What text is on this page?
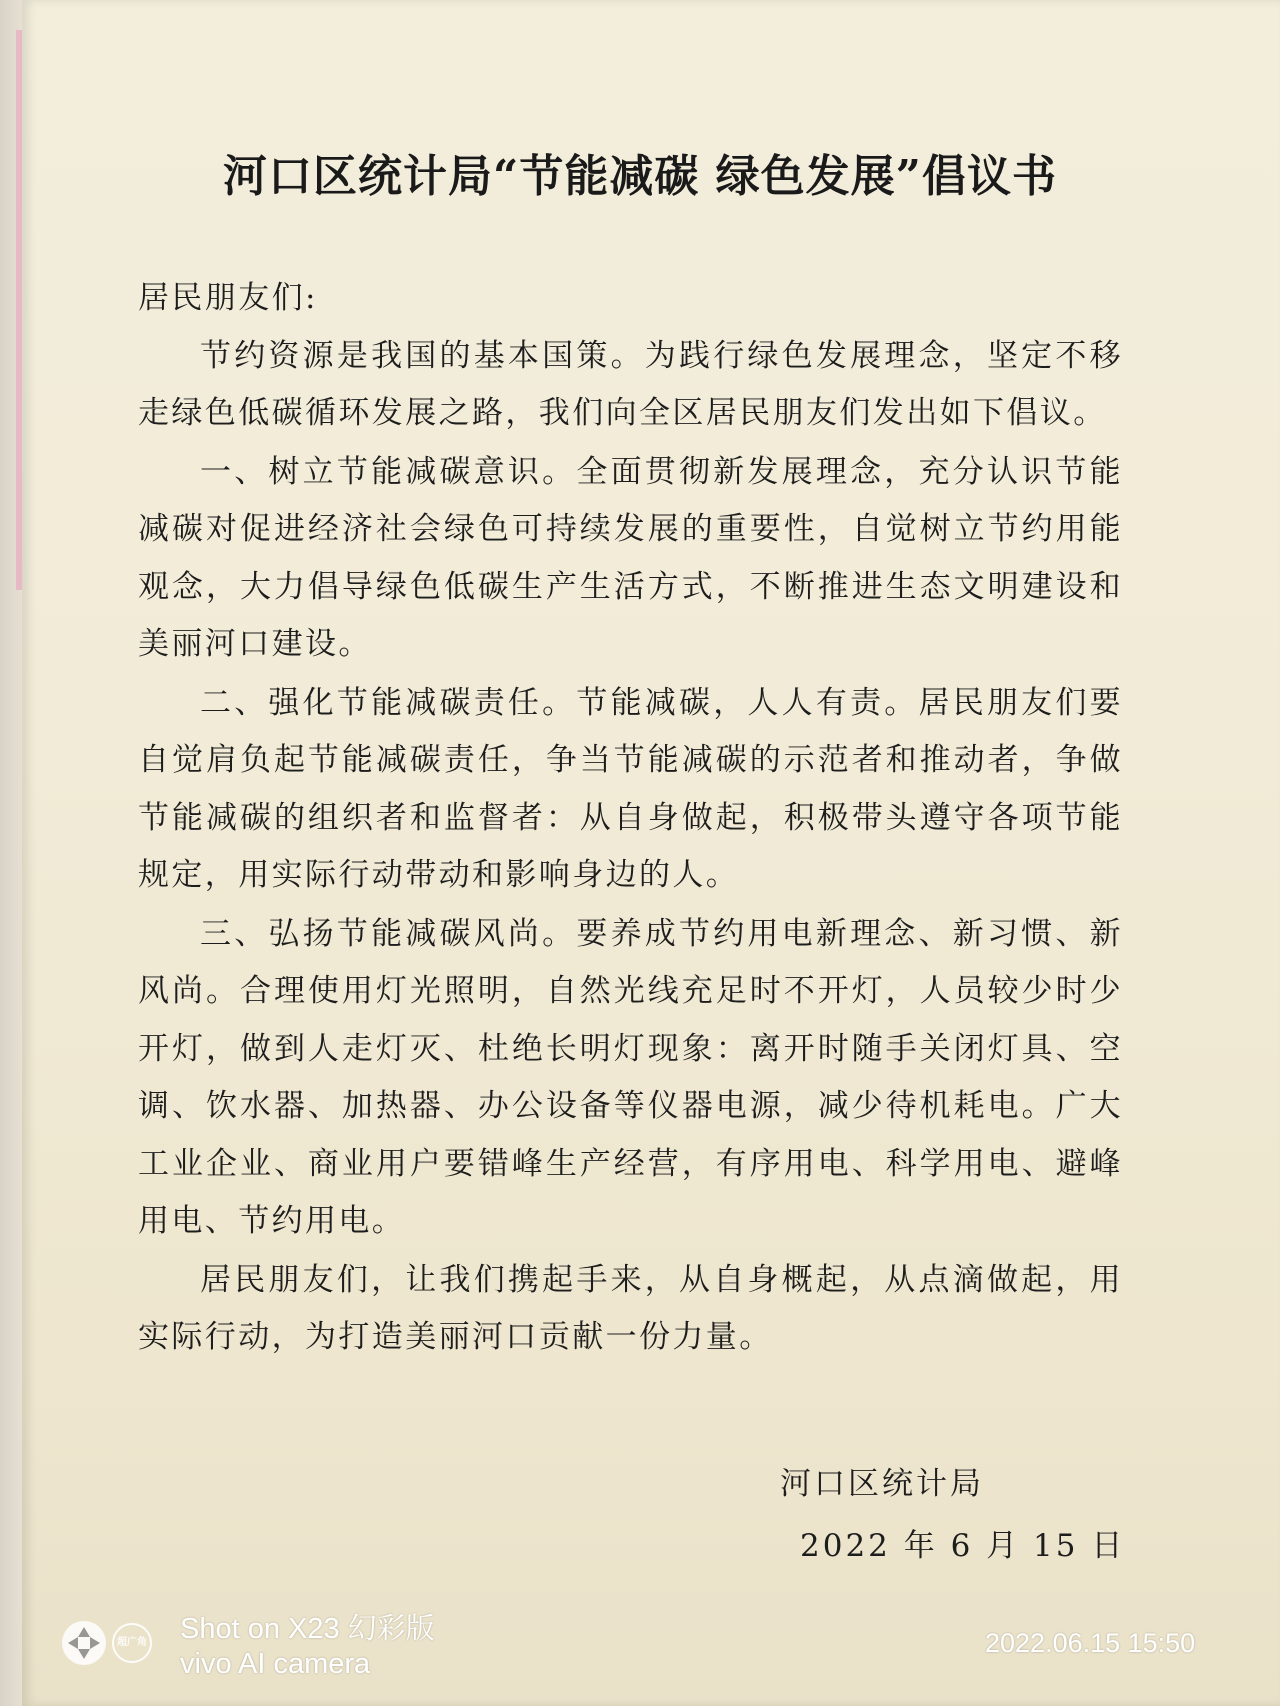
河口区统计局“节能减碳 绿色发展”倡议书

居民朋友们:

节约资源是我国的基本国策。为践行绿色发展理念，坚定不移走绿色低碳循环发展之路，我们向全区居民朋友们发出如下倡议。

一、树立节能减碳意识。全面贯彻新发展理念，充分认识节能减碳对促进经济社会绿色可持续发展的重要性，自觉树立节约用能观念，大力倡导绿色低碳生产生活方式，不断推进生态文明建设和美丽河口建设。

二、强化节能减碳责任。节能减碳，人人有责。居民朋友们要自觉肩负起节能减碳责任，争当节能减碳的示范者和推动者，争做节能减碳的组织者和监督者：从自身做起，积极带头遵守各项节能规定，用实际行动带动和影响身边的人。

三、弘扬节能减碳风尚。要养成节约用电新理念、新习惯、新风尚。合理使用灯光照明，自然光线充足时不开灯，人员较少时少开灯，做到人走灯灭、杜绝长明灯现象：离开时随手关闭灯具、空调、饮水器、加热器、办公设备等仪器电源，减少待机耗电。广大工业企业、商业用户要错峰生产经营，有序用电、科学用电、避峰用电、节约用电。

居民朋友们，让我们携起手来，从自身概起，从点滴做起，用实际行动，为打造美丽河口贡献一份力量。

河口区统计局
2022 年 6 月 15 日
超广角 Shot on X23 幻彩版
vivo AI camera
2022.06.15 15:50
